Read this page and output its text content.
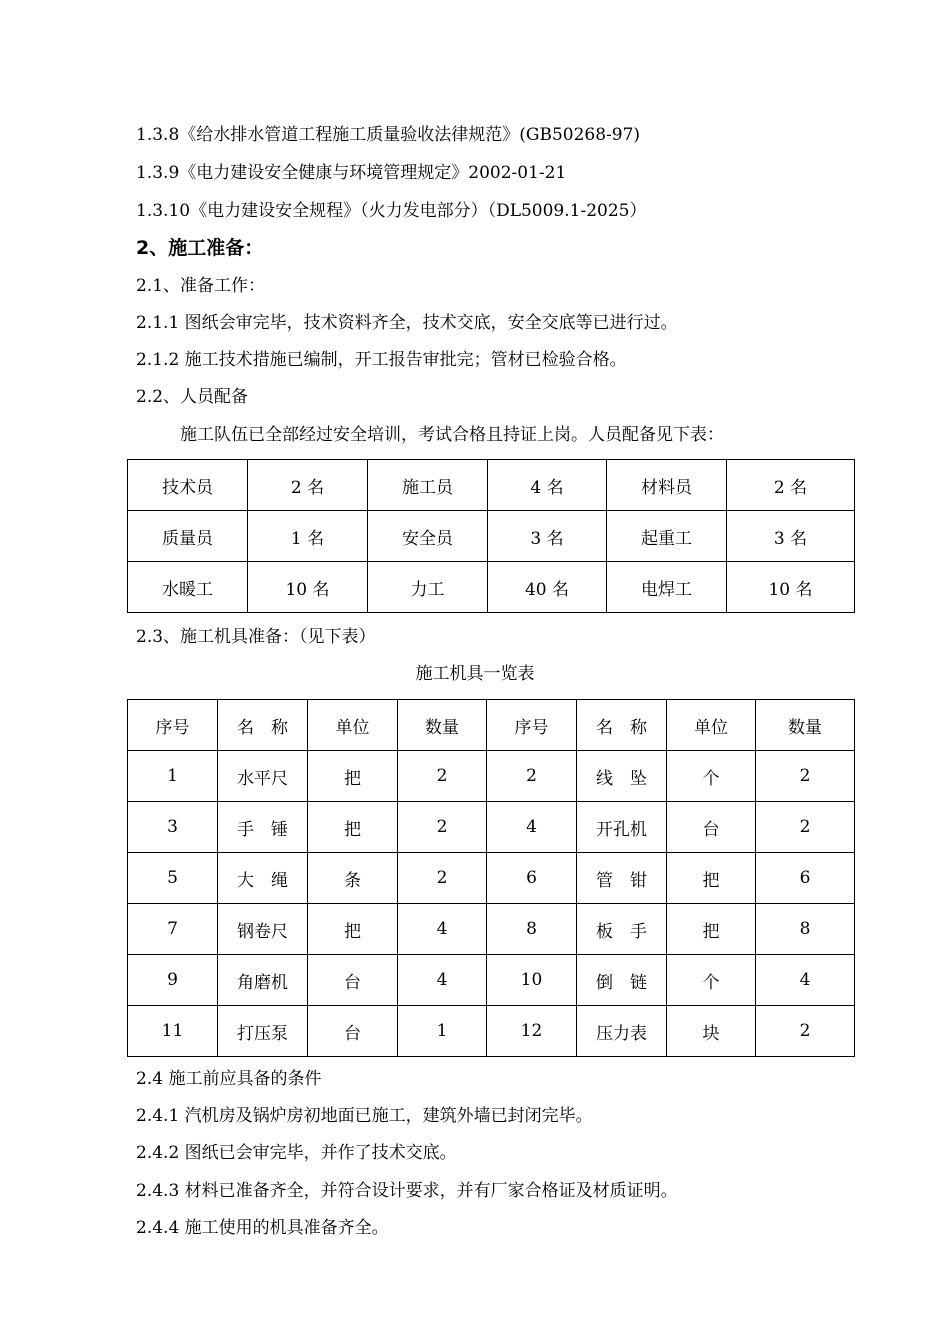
1.3.8《给水排水管道工程施工质量验收法律规范》(GB50268-97)
1.3.9《电力建设安全健康与环境管理规定》2002-01-21
1.3.10《电力建设安全规程》（火力发电部分）（DL5009.1-2025）
2、施工准备：
2.1、准备工作：
2.1.1 图纸会审完毕，技术资料齐全，技术交底，安全交底等已进行过。
2.1.2 施工技术措施已编制，开工报告审批完；管材已检验合格。
2.2、人员配备
施工队伍已全部经过安全培训，考试合格且持证上岗。人员配备见下表：
技术员	2 名	施工员	4 名	材料员	2 名
质量员	1 名	安全员	3 名	起重工	3 名
水暖工	10 名	力工	40 名	电焊工	10 名
2.3、施工机具准备：（见下表）
施工机具一览表
序号	名　称	单位	数量	序号	名　称	单位	数量
1	水平尺	把	2	2	线　坠	个	2
3	手　锤	把	2	4	开孔机	台	2
5	大　绳	条	2	6	管　钳	把	6
7	钢卷尺	把	4	8	板　手	把	8
9	角磨机	台	4	10	倒　链	个	4
11	打压泵	台	1	12	压力表	块	2
2.4 施工前应具备的条件
2.4.1 汽机房及锅炉房初地面已施工，建筑外墙已封闭完毕。
2.4.2 图纸已会审完毕，并作了技术交底。
2.4.3 材料已准备齐全，并符合设计要求，并有厂家合格证及材质证明。
2.4.4 施工使用的机具准备齐全。
